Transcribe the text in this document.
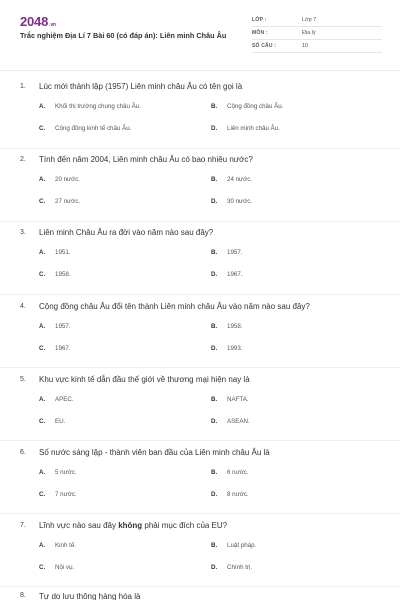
2048.vn
Trắc nghiệm Địa Lí 7 Bài 60 (có đáp án): Liên minh Châu Âu
LỚP :	Lớp 7
MÔN :	Địa lý
SỐ CÂU :	10
1. Lúc mới thành lập (1957) Liên minh châu Âu có tên gọi là
A. Khối thị trường chung châu Âu.	B. Cộng đồng châu Âu.
C. Cộng đồng kinh tế châu Âu.	D. Liên minh châu Âu.
2. Tính đến năm 2004, Liên minh châu Âu có bao nhiêu nước?
A. 20 nước.	B. 24 nước.
C. 27 nước.	D. 30 nước.
3. Liên minh Châu Âu ra đời vào năm nào sau đây?
A. 1951.	B. 1957.
C. 1958.	D. 1967.
4. Cộng đồng châu Âu đổi tên thành Liên minh châu Âu vào năm nào sau đây?
A. 1957.	B. 1958.
C. 1967.	D. 1993.
5. Khu vực kinh tế dẫn đầu thế giới về thương mại hiện nay là
A. APEC.	B. NAFTA.
C. EU.	D. ASEAN.
6. Số nước sáng lập - thành viên ban đầu của Liên minh châu Âu là
A. 5 nước.	B. 6 nước.
C. 7 nước.	D. 8 nước.
7. Lĩnh vực nào sau đây không phải mục đích của EU?
A. Kinh tế.	B. Luật pháp.
C. Nội vụ.	D. Chính trị.
8. Tự do lưu thông hàng hóa là
